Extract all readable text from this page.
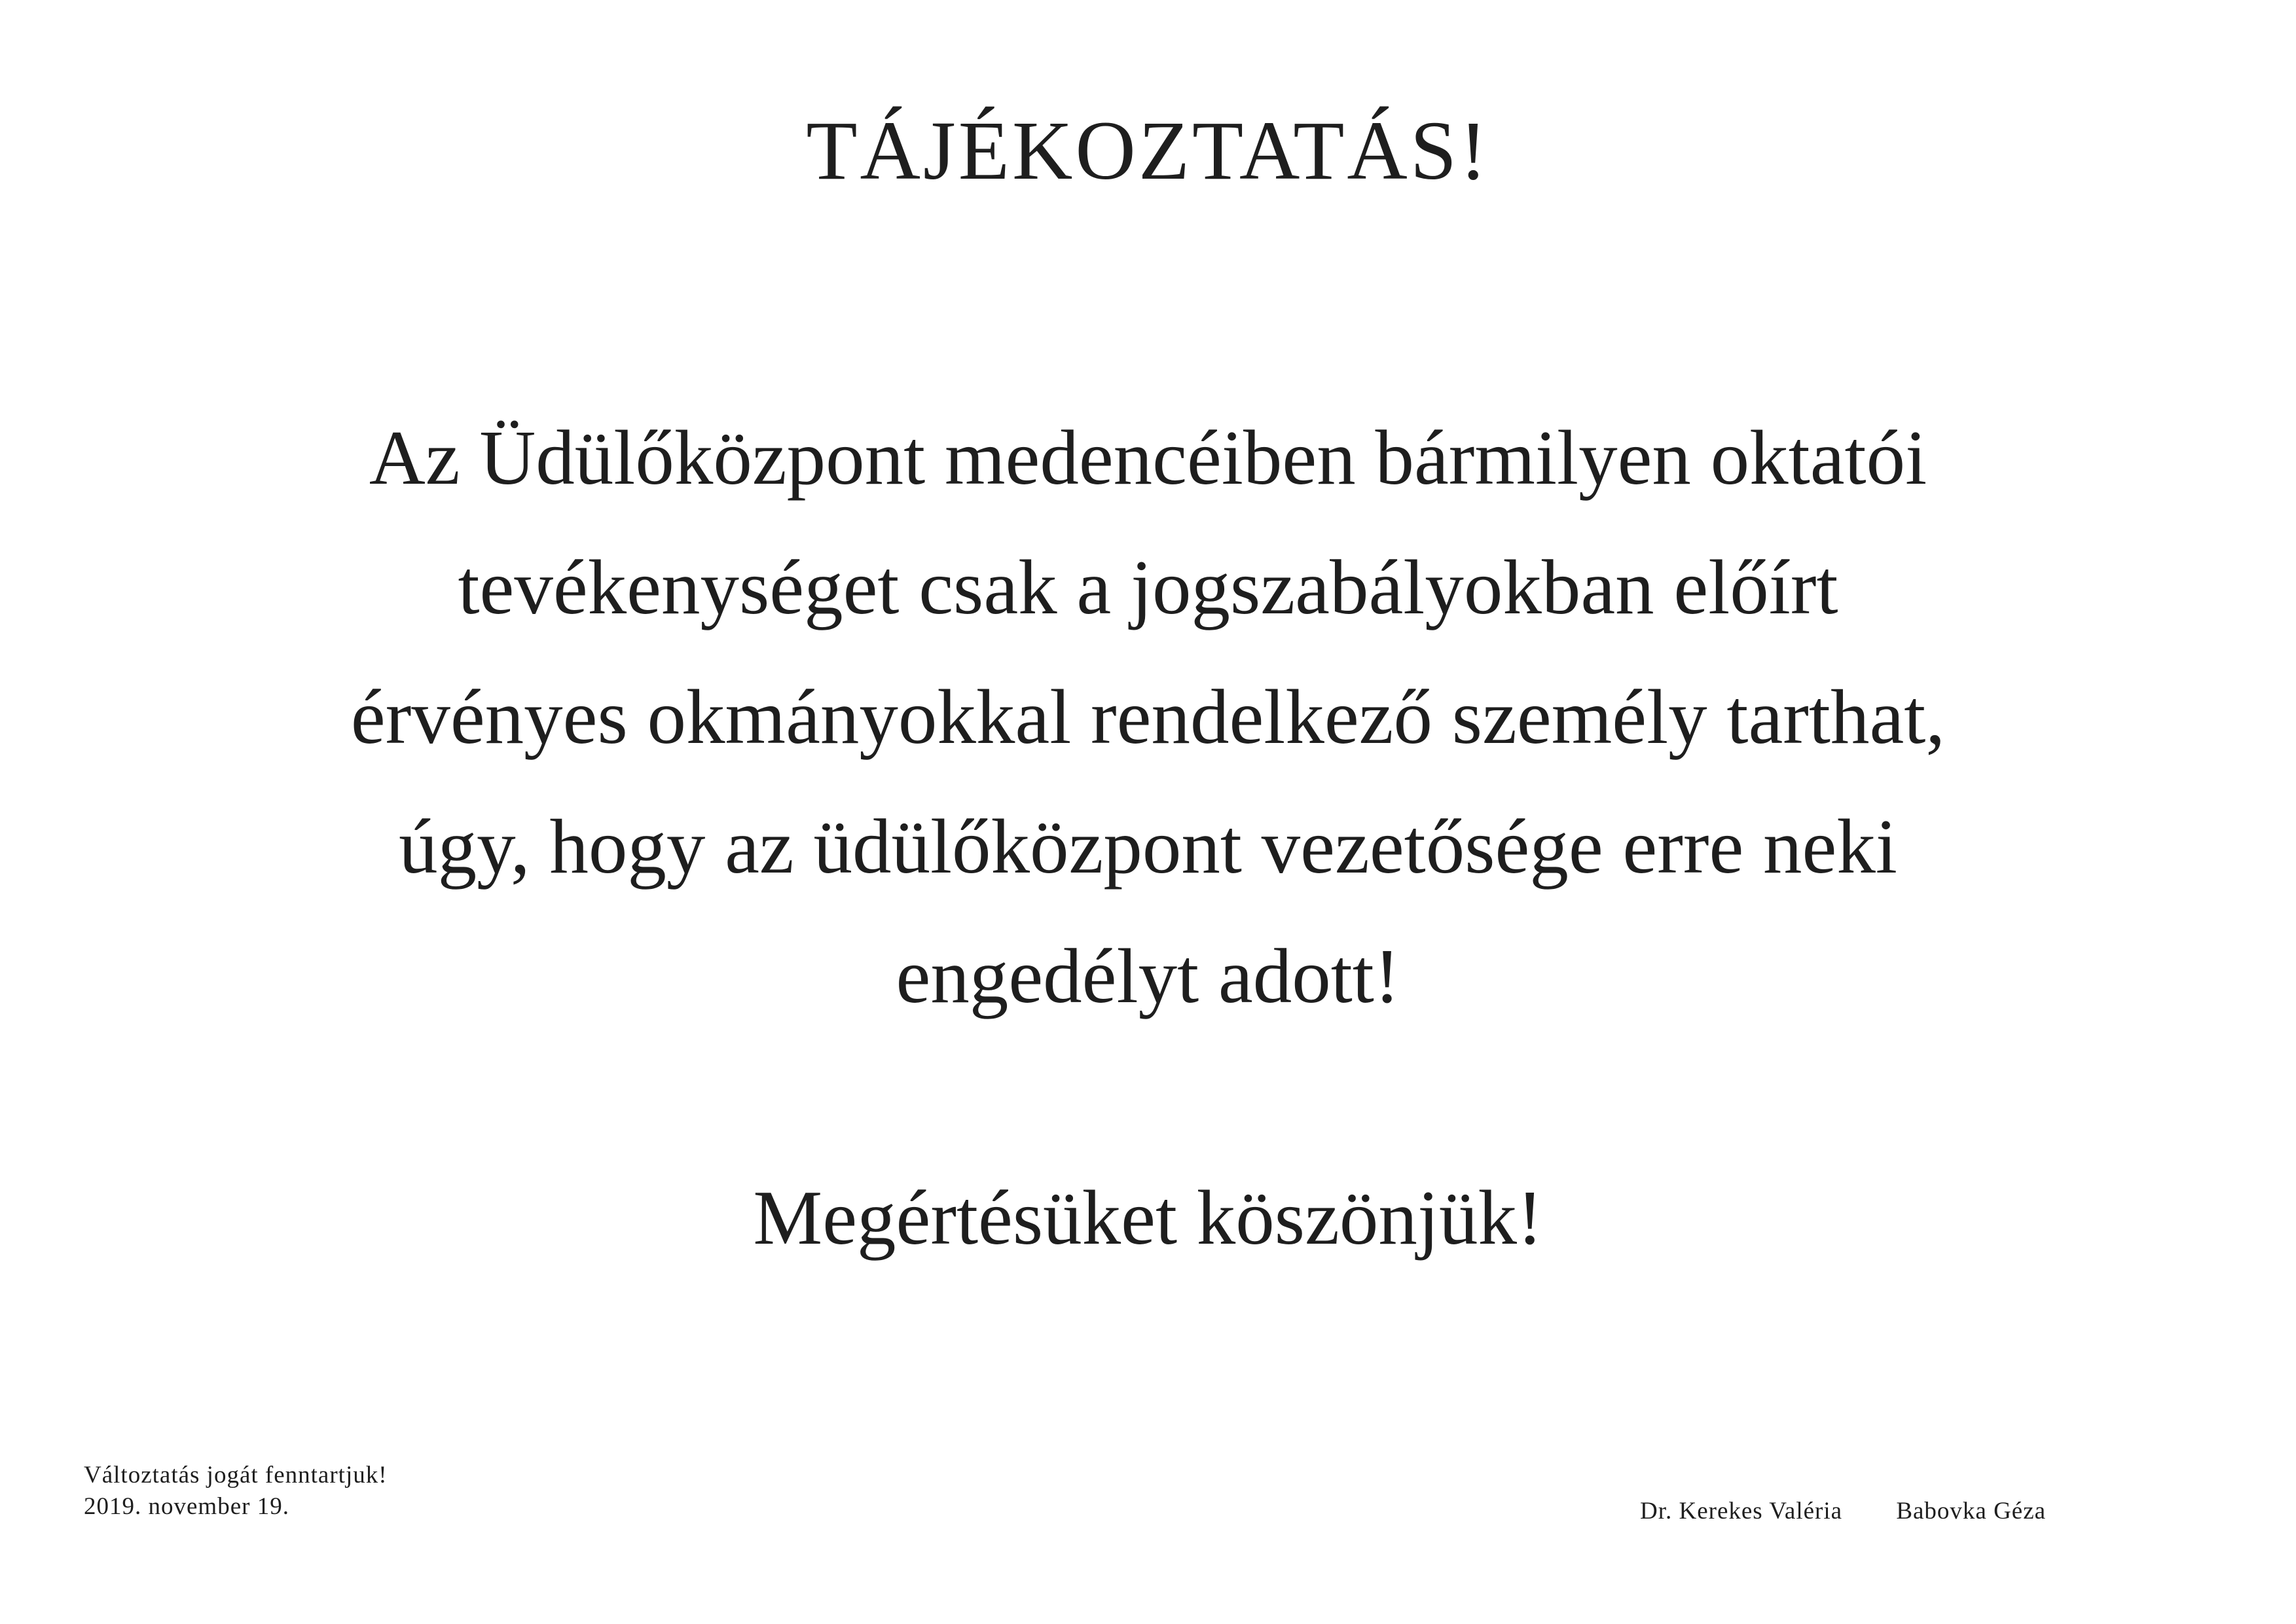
TÁJÉKOZTATÁS!

Az Üdülőközpont medencéiben bármilyen oktatói
tevékenységet csak a jogszabályokban előírt
érvényes okmányokkal rendelkező személy tarthat,
úgy, hogy az üdülőközpont vezetősége erre neki
engedélyt adott!

Megértésüket köszönjük!

Változtatás jogát fenntartjuk!
2019. november 19.	Dr. Kerekes Valéria Babovka Géza
